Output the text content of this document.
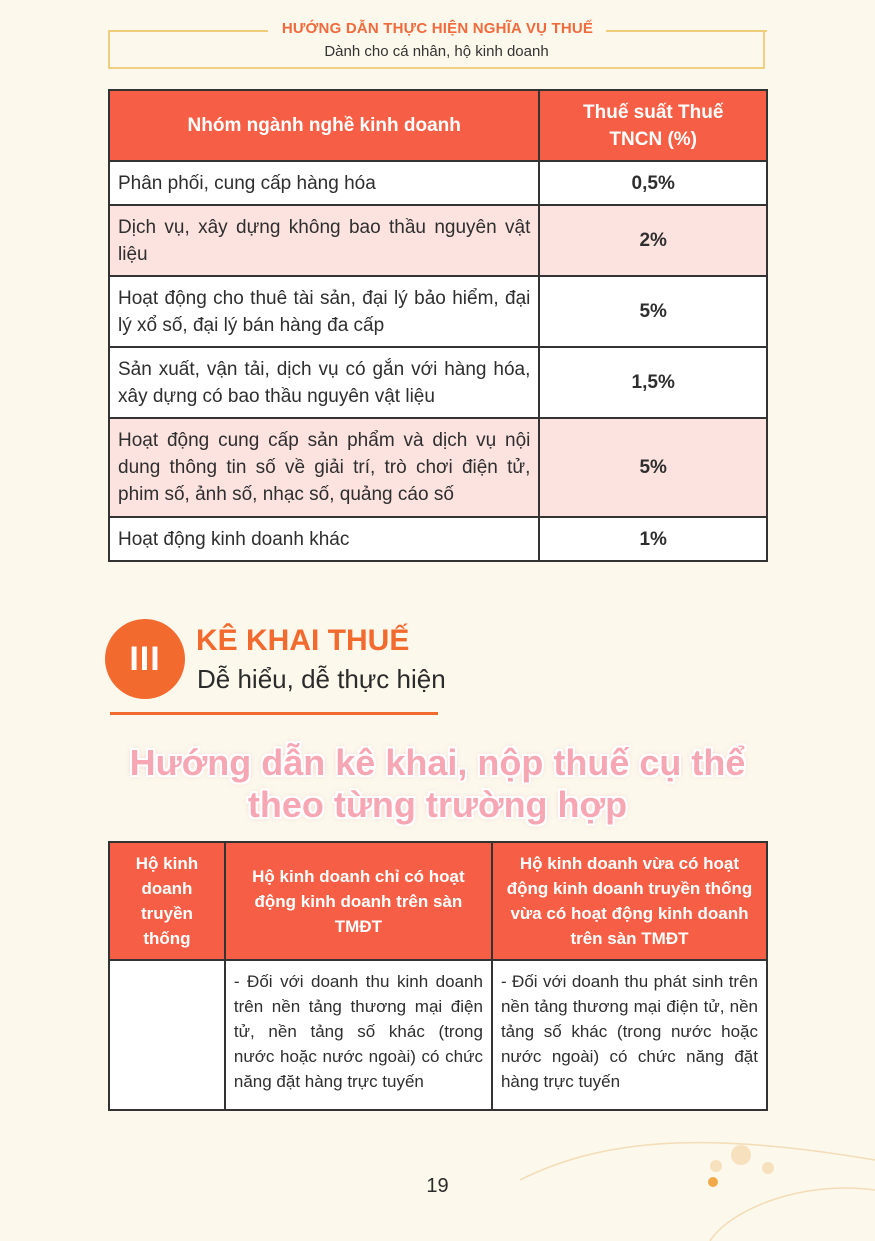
HƯỚNG DẪN THỰC HIỆN NGHĨA VỤ THUẾ
Dành cho cá nhân, hộ kinh doanh
Nhóm ngành nghề kinh doanh	Thuế suất Thuế TNCN (%)
Phân phối, cung cấp hàng hóa	0,5%
Dịch vụ, xây dựng không bao thầu nguyên vật liệu	2%
Hoạt động cho thuê tài sản, đại lý bảo hiểm, đại lý xổ số, đại lý bán hàng đa cấp	5%
Sản xuất, vận tải, dịch vụ có gắn với hàng hóa, xây dựng có bao thầu nguyên vật liệu	1,5%
Hoạt động cung cấp sản phẩm và dịch vụ nội dung thông tin số về giải trí, trò chơi điện tử, phim số, ảnh số, nhạc số, quảng cáo số	5%
Hoạt động kinh doanh khác	1%
III	KÊ KHAI THUẾ
Dễ hiểu, dễ thực hiện
Hướng dẫn kê khai, nộp thuế cụ thể theo từng trường hợp
Hộ kinh doanh truyền thống	Hộ kinh doanh chỉ có hoạt động kinh doanh trên sàn TMĐT	Hộ kinh doanh vừa có hoạt động kinh doanh truyền thống vừa có hoạt động kinh doanh trên sàn TMĐT
	- Đối với doanh thu kinh doanh trên nền tảng thương mại điện tử, nền tảng số khác (trong nước hoặc nước ngoài) có chức năng đặt hàng trực tuyến	- Đối với doanh thu phát sinh trên nền tảng thương mại điện tử, nền tảng số khác (trong nước hoặc nước ngoài) có chức năng đặt hàng trực tuyến
19
